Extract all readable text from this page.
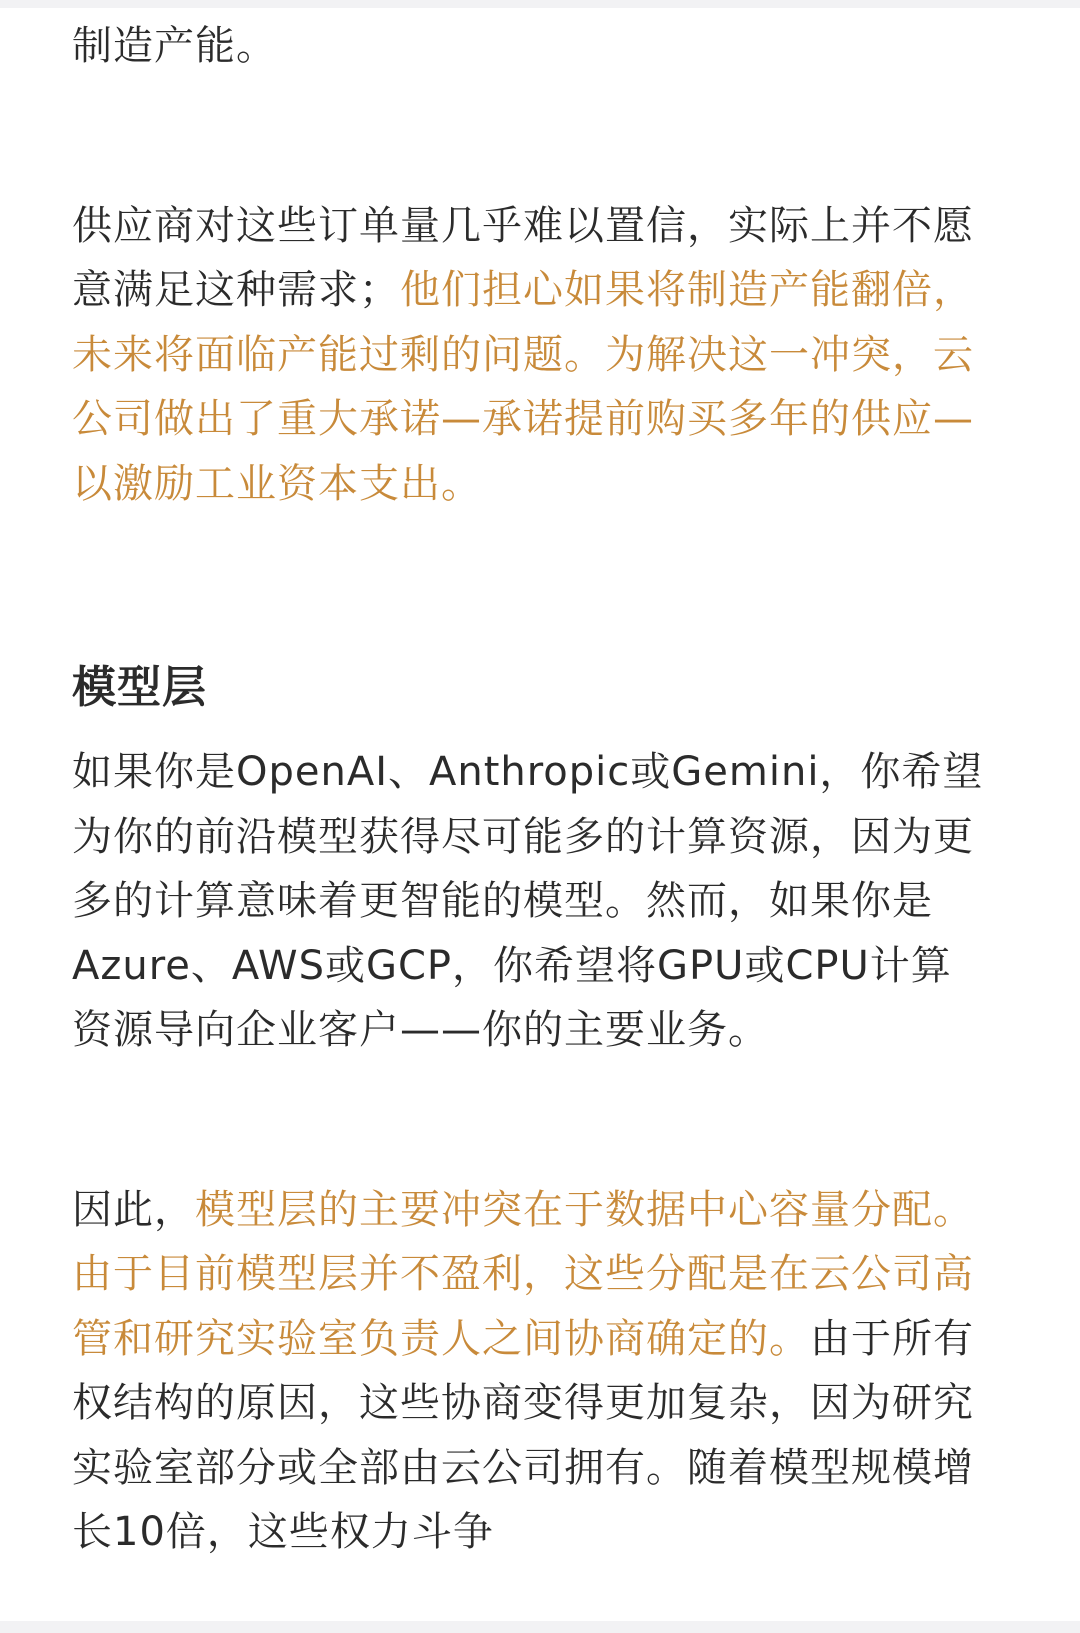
制造产能。

供应商对这些订单量几乎难以置信，实际上并不愿意满足这种需求；他们担心如果将制造产能翻倍，未来将面临产能过剩的问题。为解决这一冲突，云公司做出了重大承诺—承诺提前购买多年的供应—以激励工业资本支出。

模型层

如果你是OpenAI、Anthropic或Gemini，你希望为你的前沿模型获得尽可能多的计算资源，因为更多的计算意味着更智能的模型。然而，如果你是Azure、AWS或GCP，你希望将GPU或CPU计算资源导向企业客户——你的主要业务。

因此，模型层的主要冲突在于数据中心容量分配。由于目前模型层并不盈利，这些分配是在云公司高管和研究实验室负责人之间协商确定的。由于所有权结构的原因，这些协商变得更加复杂，因为研究实验室部分或全部由云公司拥有。随着模型规模增长10倍，这些权力斗争
